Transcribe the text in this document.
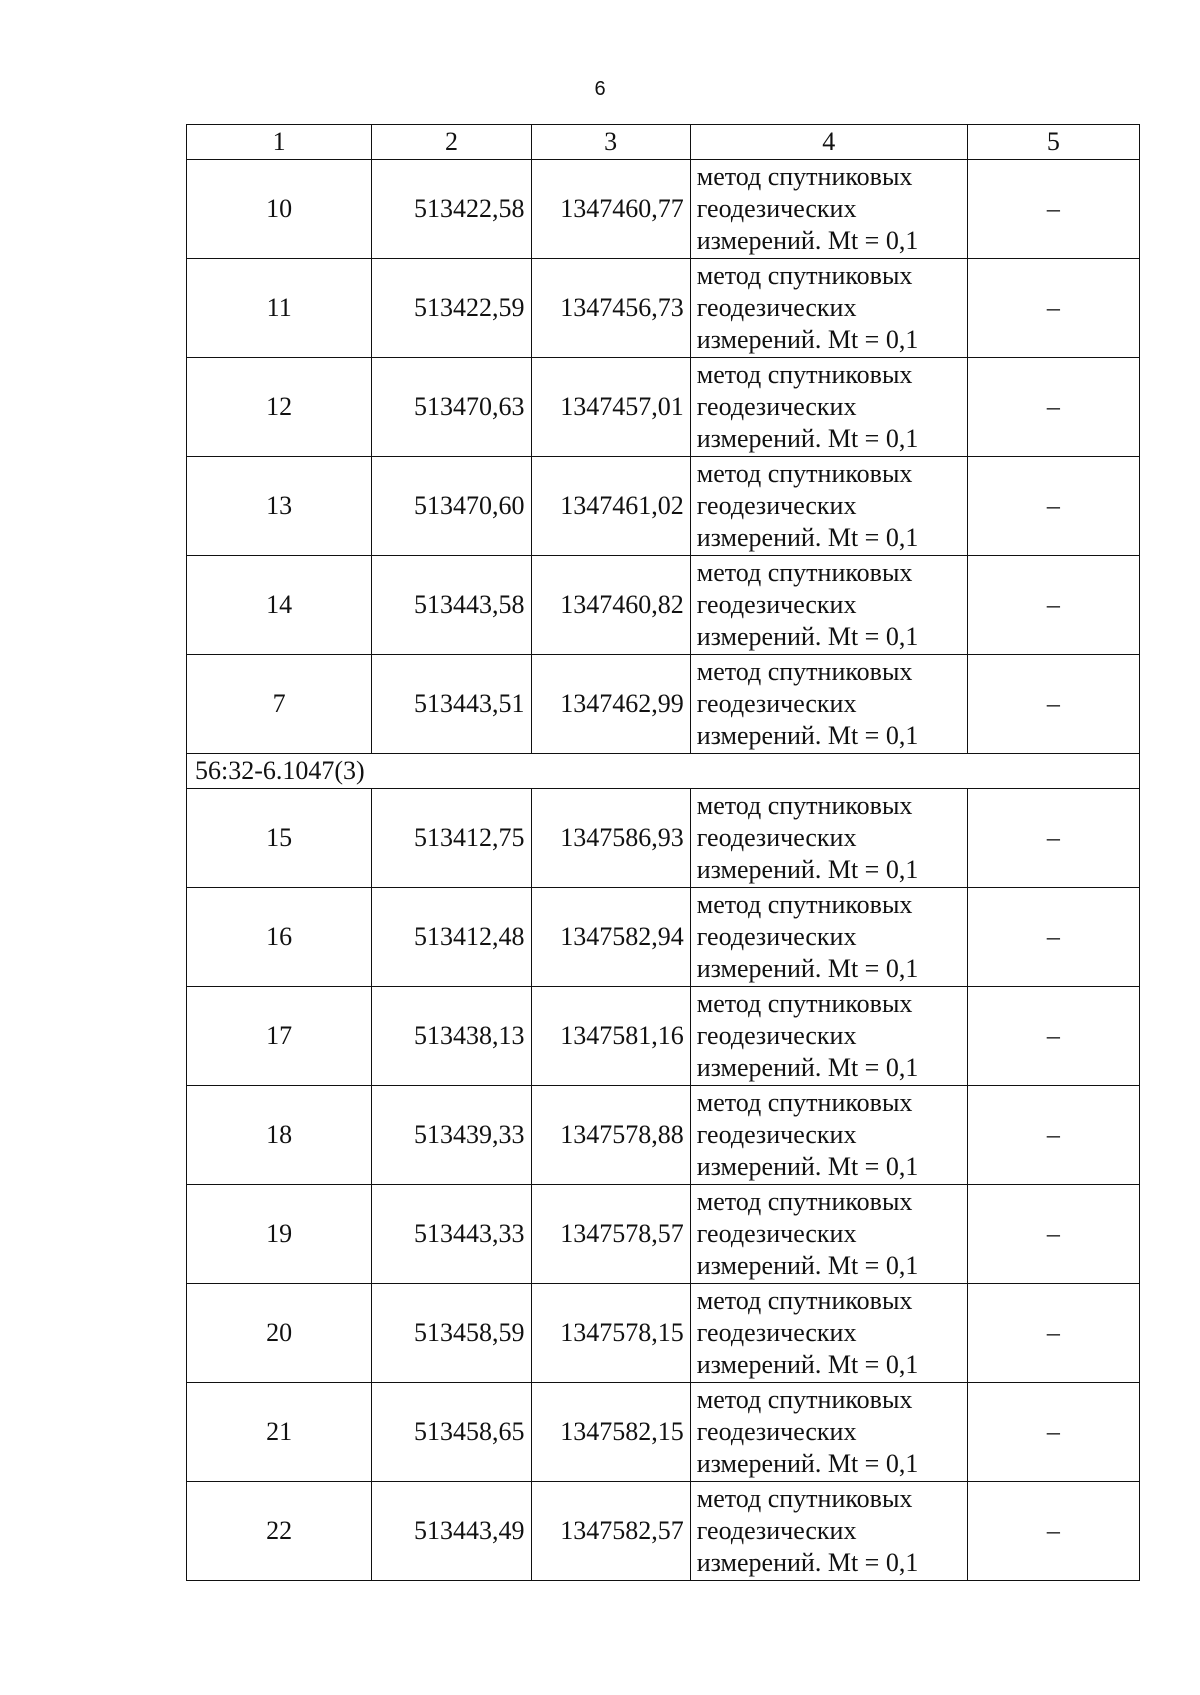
6
1	2	3	4	5
10	513422,58	1347460,77	метод спутниковых
геодезических
измерений. Mt = 0,1	–
11	513422,59	1347456,73	метод спутниковых
геодезических
измерений. Mt = 0,1	–
12	513470,63	1347457,01	метод спутниковых
геодезических
измерений. Mt = 0,1	–
13	513470,60	1347461,02	метод спутниковых
геодезических
измерений. Mt = 0,1	–
14	513443,58	1347460,82	метод спутниковых
геодезических
измерений. Mt = 0,1	–
7	513443,51	1347462,99	метод спутниковых
геодезических
измерений. Mt = 0,1	–
56:32-6.1047(3)				
15	513412,75	1347586,93	метод спутниковых
геодезических
измерений. Mt = 0,1	–
16	513412,48	1347582,94	метод спутниковых
геодезических
измерений. Mt = 0,1	–
17	513438,13	1347581,16	метод спутниковых
геодезических
измерений. Mt = 0,1	–
18	513439,33	1347578,88	метод спутниковых
геодезических
измерений. Mt = 0,1	–
19	513443,33	1347578,57	метод спутниковых
геодезических
измерений. Mt = 0,1	–
20	513458,59	1347578,15	метод спутниковых
геодезических
измерений. Mt = 0,1	–
21	513458,65	1347582,15	метод спутниковых
геодезических
измерений. Mt = 0,1	–
22	513443,49	1347582,57	метод спутниковых
геодезических
измерений. Mt = 0,1	–
